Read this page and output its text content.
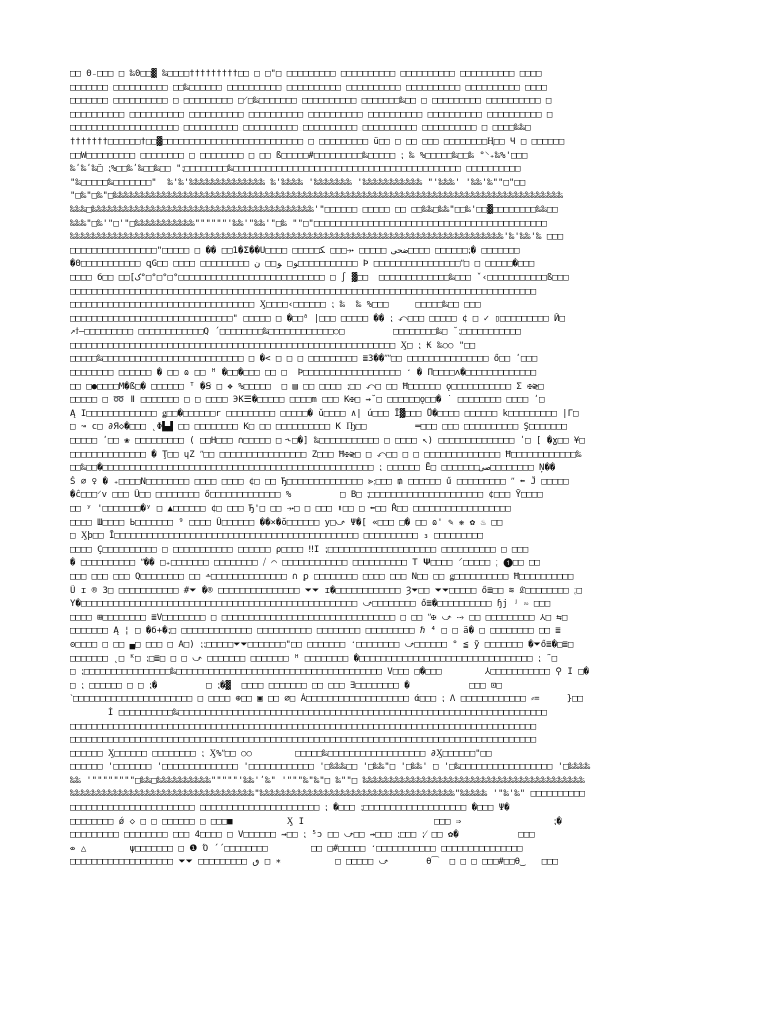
□□ Θ₋□□□ □ ‰0□□▓ ‰□□□□†††††††††□□ □ □"□ □□□□□□□□□ □□□□□□□□□□ □□□□□□□□□□ □□□□□□□□□□ □□□□
□□□□□□□ □□□□□□□□□□ □□‰□□□□□□ □□□□□□□□□□ □□□□□□□□□□ □□□□□□□□□□ □□□□□□□□□□ □□□□□□□□□□ □□□□
□□□□□□□ □□□□□□□□□□ □ □□□□□□□□□ □⸍□‰□□□□□□□ □□□□□□□□□□ □□□□□□□‰□□ □ □□□□□□□□□ □□□□□□□□□□ □
□□□□□□□□□□ □□□□□□□□□□ □□□□□□□□□□ □□□□□□□□□□ □□□□□□□□□□ □□□□□□□□□□ □□□□□□□□□□ □□□□□□□□□□ □
□□□□□□□□□□□□□□□□□□□□ □□□□□□□□□□ □□□□□□□□□□ □□□□□□□□□□ □□□□□□□□□□ □□□□□□□□□□ □ □□□□‰‰□
†††††††□□□□□□†□□▓□□□□□□□□□□□□□□□□□□□□□□□□□□ □ □□□□□□□□□ ü□□ □ □□ □□□ □□□□□□□□Ⱨ□□ Ч □ □□□□□□
□□W□□□□□□□□□ □□□□□□□□ □ □□□□□□□□ □ □□ ß□□□□□#□□□□□□□□□‰□□□□□ ⁏ ‰ %□□□□□‰□□‰ °⸌₊‰%'□□□
‰ʹ‰ʹ‰̈□ ⁏%□□‰ʹ‰□□‰□□ "⁏□□□□□□□□‰□□□□□□□□□□□□□□□□□□□□□□□□□□□□□□□□□□□□□□□□□□ □□□□□□□□□□
"‰□□□□□‰□□□□□□□"  ‰'‰'‰‰‰‰‰‰‰‰‰‰‰‰‰‰ ‰'‰‰‰‰ '‰‰‰‰‰‰‰ '‰‰‰‰‰‰‰‰‰‰‰ "'‰‰‰' '‰‰'‰""□"□□
"□‰"□‰"□‰‰‰‰‰‰‰‰‰‰‰‰‰‰‰‰‰‰‰‰‰‰‰‰‰‰‰‰‰‰‰‰‰‰‰‰‰‰‰‰‰‰‰‰‰‰‰‰‰‰‰‰‰‰‰‰‰‰‰‰‰‰‰‰‰‰‰‰‰‰‰‰‰‰‰‰‰‰‰‰‰‰‰
‰‰‰□‰‰‰‰‰‰‰‰‰‰‰‰‰‰‰‰‰‰‰‰‰‰‰‰‰‰‰‰‰‰‰‰‰‰‰‰‰‰‰‰‰'"□□□□□□ □□□□□ □□ □□‰‰□‰‰"□□‰'□□▓□□□□□□□□‰‰□□
‰‰‰"□‰'"□'"□‰‰‰‰‰‰‰‰‰‰‰""""""'‰‰'"‰‰'"□‰ ""□"□□□□□□□□□□□□□□□□□□□□□□□□□□□□□□□□□□□□□□□□□□□
‰‰‰‰‰‰‰‰‰‰‰‰‰‰‰‰‰‰‰‰‰‰‰‰‰‰‰‰‰‰‰‰‰‰‰‰‰‰‰‰‰‰‰‰‰‰‰‰‰‰‰‰‰‰‰‰‰‰‰‰‰‰‰‰‰‰‰‰‰‰‰‰‰‰‰‰‰‰‰‰'‰'‰‰'‰ □□□
□□□□□□□□□□□□□□□□"□□□□□ □ �� □□1�ⵉ��U□□□□ □□□□□ضحی □□□□□ ⤞□□□ ﻜ□□□□ □□□□□□⁏� □□□□□□□
�Θ□□□□□□□□□□□ ꝗG□□ □□□□ □□□□□□□□□ ﻮ□ ﻮ□□ ﻥ□□□□□□□□□□□ Ϸ □□□□□□□□□□□□□□□□ʺ□ □ □□□□□�□□□
□□□□ б□□ □□[ک°□°□°□°□□□□□□□□□□□□□□□□□□□□□□□□□□□ □ ∫ ▓□□  □□□□□□□□□□□□□‰□□□ ˇ‹□□□□□□□□□□□ß□□□
□□□□□□□□□□□□□□□□□□□□□□□□□□□□□□□□□□□□□□□□□□□□□□□□□□□□□□□□□□□□□□□□□□□□□□□□□□□□□□□□□□□□□□
□□□□□□□□□□□□□□□□□□□□□□□□□□□□□□□□□□ Ӽ□□□□‹□□□□□□ ⁏ ‰  ‰ %□□□     □□□□□‰□□ □□□
□□□□□□□□□□□□□□□□□□□□□□□□□□□□□□" □□□□□ □ �□□ᶞ |□□□ □□□□□ �� ⁏ ⤺□□□ □□□□□ ¢ □ ✓ ▯□□□□□□□□□ Й□
↗ϯ—□□□□□□□□□ □□□□□□□□□□□□Q ´□□□□□□□□‰□□□□□□□□□□□□○□         □□□□□□□□‰□ ˘⁏□□□□□□□□□□□
□□□□□□□□□□□□□□□□□□□□□□□□□□□□□□□□□□□□□□□□□□□□□□□□□□□□□□□□□□□□ Ӽ□ ⁏ ₭ ‰○○ "□□
□□□□□‰□□□□□□□□□□□□□□□□□□□□□□□□□□ □ �< □ □ □ □□□□□□□□□ ≣3��ʺʺ□□ □□□□□□□□□□□□□□□ ő□□ ʹ□□□
□□□□□□□□ □□□□□□ � □□ ɷ □□ ᴴ �□□�□□□ □□ □  Ϸ□□□□□□□□□□□□□□□□□□ ̒ � Π□□□□ʌ�□□□□□□□□□□□□□
□□ □●□□□□M�ß□� □□□□□□ ᵀ �Ꞩ □ ❖ %□□□□□  □ ▤ □□ □□□□ ⁏□□ ⤺□ □□ Ħ□□□□□□ ǫ□□□□□□□□□□□ Σ ✠≷□
□□□□□ □ ➿ ǁ □□□□□□□ □ □ □□□□ ЭK☰�□□□□□ □□□□m □□□ K✠□ ⇝˘□ □□□□□□ǫ□□� ˙ □□□□□□□□ □□□□ ʹ□
Ą I□□□□□□□□□□□□□ ǥ□□�□□□□□□r □□□□□□□□□ □□□□□� ǔ□□□□ ∧| ú□□□ Ī▓□□□ Ů�□□□□ □□□□□□ k□□□□□□□□□ |Γ□
□ ↝ c□ ∂Я◇�□□□ ˛Φ▙▟ □□ □□□□□□□□ K□ □□ □□□□□□□□□□ K Ҧ□□         ═□□□ □□□ □□□□□□□□□□ Ş□□□□□□□
□□□□□ ʹ□□ ❀ □□□□□□□□□ ( □□H□□□ ∩□□□□□ □ ˞□�] ‰□□□□□□□□□□□ □ □□□□ ↖) □□□□□□□□□□□□□□ ʹ□ [ �ɣ□□ ¥□
□□□□□□□□□□□□□□ � Ţ□□ ɥZ ʺ□□ □□□□□□□□□□□□□□□□ Z□□□ Ħ✠≷□ □ ⤺□□ □ □ □□□□□□□□□□□□□□ Ħ□□□□□□□□□□□□‰
□□‰□□�□□□□□□□□□□□□□□□□□□□□□□□□□□□□□□□□□□□□□□□□□□□□□□□□□□ ⁏ □□□□□□ Ē□ □□□□□□□صی□□□□□□□□ Ņ��
Š ∅ ♀ � ₊□□□□N□□□□□□□□ □□□□ □□□□ ¢□ □□ Ђ□□□□□□□□□□□□□□ ⪢⁏□□□ ₥ □□□□□□ ű □□□□□□□□□ ʺ ⬅ Ĵ □□□□□
�ĉ□□□⸍v □□□ Û□□ □□□□□□□□ ő□□□□□□□□□□□□□ %         □ B□ ⁏□□□□□□□□□□□□□□□□□□□□□ ¢□□□ Ȳ□□□□
□□ ʸ '□□□□□□□�ʸ □ ▲□□□□□□ ¢□ □□□ Ђ'□ □□ ⤞□ □ □□□ ⬆□□ □ ⬅□□ Ř□□ □□□□□□□□□□□□□□□□□□
□□□□ Ш□□□□ Ь□□□□□□□ ⁹ □□□□ Û□□□□□□ ��×�ŏ□□□□□□ y□⤻ Ψ�[ «□□□ □� □□ ɷ' ✎ ❋ ✿ ♨ □□
□ Ӽþ□□ Ī□□□□□□□□□□□□□□□□□□□□□□□□□□□□□□□□□□□□□□□□□□□□□ □□□□□□□□□□ ₃ □□□□□□□□□
□□□□ Ç□□□□□□□□□□ □ □□□□□□□□□□□ □□□□□□ ρ□□□□ ‼I ⁏□□□□□□□□□□□□□□□□□□□□ □□□□□□□□□□ □ □□□
� □□□□□□□□□□ ʺ�� □₊□□□□□□□ □□□□□□□□ ⧸ ⌒ □□□□□□□□□□□□ □□□□□□□□□□ T 𝚿□□□□ ⸍□□□□□ ⁏ ❶□□ □□
□□□ □□□ □□□ Q□□□□□□□□ □□ ∸□□□□□□□□□□□□□□ ∩ ꝑ □□□□□□□□ □□□□ □□□ N□□ □□ ǥ□□□□□□□□□□ Ħ□□□□□□□□□□
Ű ɪ ® 3□ □□□□□□□□□□□ #⏷ �® □□□□□□□□□□□□□□□ ⏷⏷ ɪ�□□□□□□□□□□□□ Ȝ⏷□□ ⏷⏷□□□□□ ő≣□□ ≋ ℭ□□□□□□□□ ⁏□
Y�□□□□□□□□□□□□□□□□□□□□□□□□□□□□□□□□□□□□□□□□□□□□□□□□□□□ ⤻□□□□□□□□ ő≣�□□□□□□□□□□ ɧj ʲ ∾ □□□
□□□□ ⊞□□□□□□□□ ≣V□□□□□□□□ □ □□□□□□□□□□□□□□□□□□□□□□□□□□□□□□□□ □ □□ ʺ✠ ⤻ ⤑ □□ □□□□□□□□□ ⅄□ ⇆□
□□□□□□□ Ą ¦ □ �б+�⁏□ □□□□□□□□□□□□□ □□□□□□□□□□ □□□□□□□□ □□□□□□□□□ ℏ ⁴ □ □ ä� □ □□□□□□□□ □□ ≣
ʘ□□□□ □ □□ ▄□ □□□ □ A□) ⁏⁏□□□□□⏷⏷□□□□□□□"□□ □□□□□□□ ̒□□□□□□□□ ⤻□□□□□□ ° ≦ ỹ □□□□□□□ �⏷ő≣�□≣□
□□□□□□□ ˛□ ᴷ□ ⁏□≣□ □ □ ⤻ □□□□□□□ □□□□□□□ ᴴ □□□□□□□□ �□□□□□□□□□□□□□□□□□□□□□□□□□□□□□□□□ ⁏ ˜□
□ ⁏□□□□□□□□□□□□□□□□‰□□□□□□□□□□□□□□□□□□□□□□□□□□□□□□□□□□□□□□ V□□□ □�□□□        ⅄□□□□□□□□□□□ ⚲ I □�
□ ⁏ □□□□□□ □ □ ⁏�         □ ⁏�▓  □□□□ □□□□□□□ □□ □□□ ∃□□□□□□□□ �           □□□ ⊡□
ˋ□□□□□□□□□□□□□□□□□□□□□□ □ □□□□ ⊕□□ ▣ □□ ∅□ Á□□□□□□□□□□□□□□□□□□□ ά□□□ ⁏ Λ □□□□□□□□□□□□ ⸗=     }□□
Ì □□□□□□□□□□‰□□□□□□□□□□□□□□□□□□□□□□□□□□□□□□□□□□□□□□□□□□□□□□□□□□□□□□□□□□□□□□□□□□□□
□□□□□□□□□□□□□□□□□□□□□□□□□□□□□□□□□□□□□□□□□□□□□□□□□□□□□□□□□□□□□□□□□□□□□□□□□□□□□□□□□□□□□□
□□□□□□□□□□□□□□□□□□□□□□□□□□□□□□□□□□□□□□□□□□□□□□□□□□□□□□□□□□□□□□□□□□□□□□□□□□□□□□□□□□□□□□
□□□□□□ Ӽ□□□□□□ □□□□□□□□ ⁏ Ӽ%ʺ□□ ○○        □□□□□‰□□□□□□□□□□□□□□□□□□ ∂Ӽ□□□□□□"□□
□□□□□□ '□□□□□□□ '□□□□□□□□□□□□□□ '□□□□□□□□□□□□ '□‰‰‰□□ '□‰‰"□ '□‰‰' □ '□‰□□□□□□□□□□□□□□□□□ '□‰‰‰‰
‰‰ '""""""""□‰‰□‰‰‰‰‰‰‰‰‰‰"""""'‰‰'ʹ‰" '"""‰"‰"□ ‰""□ ‰‰‰‰‰‰‰‰‰‰‰‰‰‰‰‰‰‰‰‰‰‰‰‰‰‰‰‰‰‰‰‰‰‰‰‰‰‰‰‰‰
‰‰‰‰‰‰‰‰‰‰‰‰‰‰‰‰‰‰‰‰‰‰‰‰‰‰‰‰‰‰‰‰‰‰"‰‰‰‰‰‰‰‰‰‰‰‰‰‰‰‰‰‰‰‰‰‰‰‰‰‰‰‰‰‰‰‰‰‰‰‰"‰‰‰‰‰ '"‰'‰" □□□□□□□□□□
□□□□□□□□□□□□□□□□□□□□□□□ □□□□□□□□□□□□□□□□□□□□□□ ⁏ �□□□ ⁏□□□□□□□□□□□□□□□□□□□ �□□□ Ψ�
□□□□□□□□ ǿ ◇ □ □ □□□□□□ □ □□□■          Ӽ Ӏ                        □□□ ⇒                 ⁏�
□□□□□□□□□ □□□□□□□□ □□□ 4□□□□ □ V□□□□□□ ⇝□□ ⁏ ⁵ɔ □□ ⤻□□ ⇝□□□ ⁏□□□ ⁏⁄ □□ ✿�           □□□
⇎ △        ψ□□□□□□□ □ ❶ Ό ΄΄□□□□□□□□        □□ □#□□□□□ ̒□□□□□□□□□□□ □□□□□□□□□□□□□□□
□□□□□□□□□□□□□□□□□□□ ⏷⏷ □□□□□□□□□ ٯ □ ∗          □ □□□□□ ⤻       θ⁀  □ □ □ □□□#□□θ‿   □□□
